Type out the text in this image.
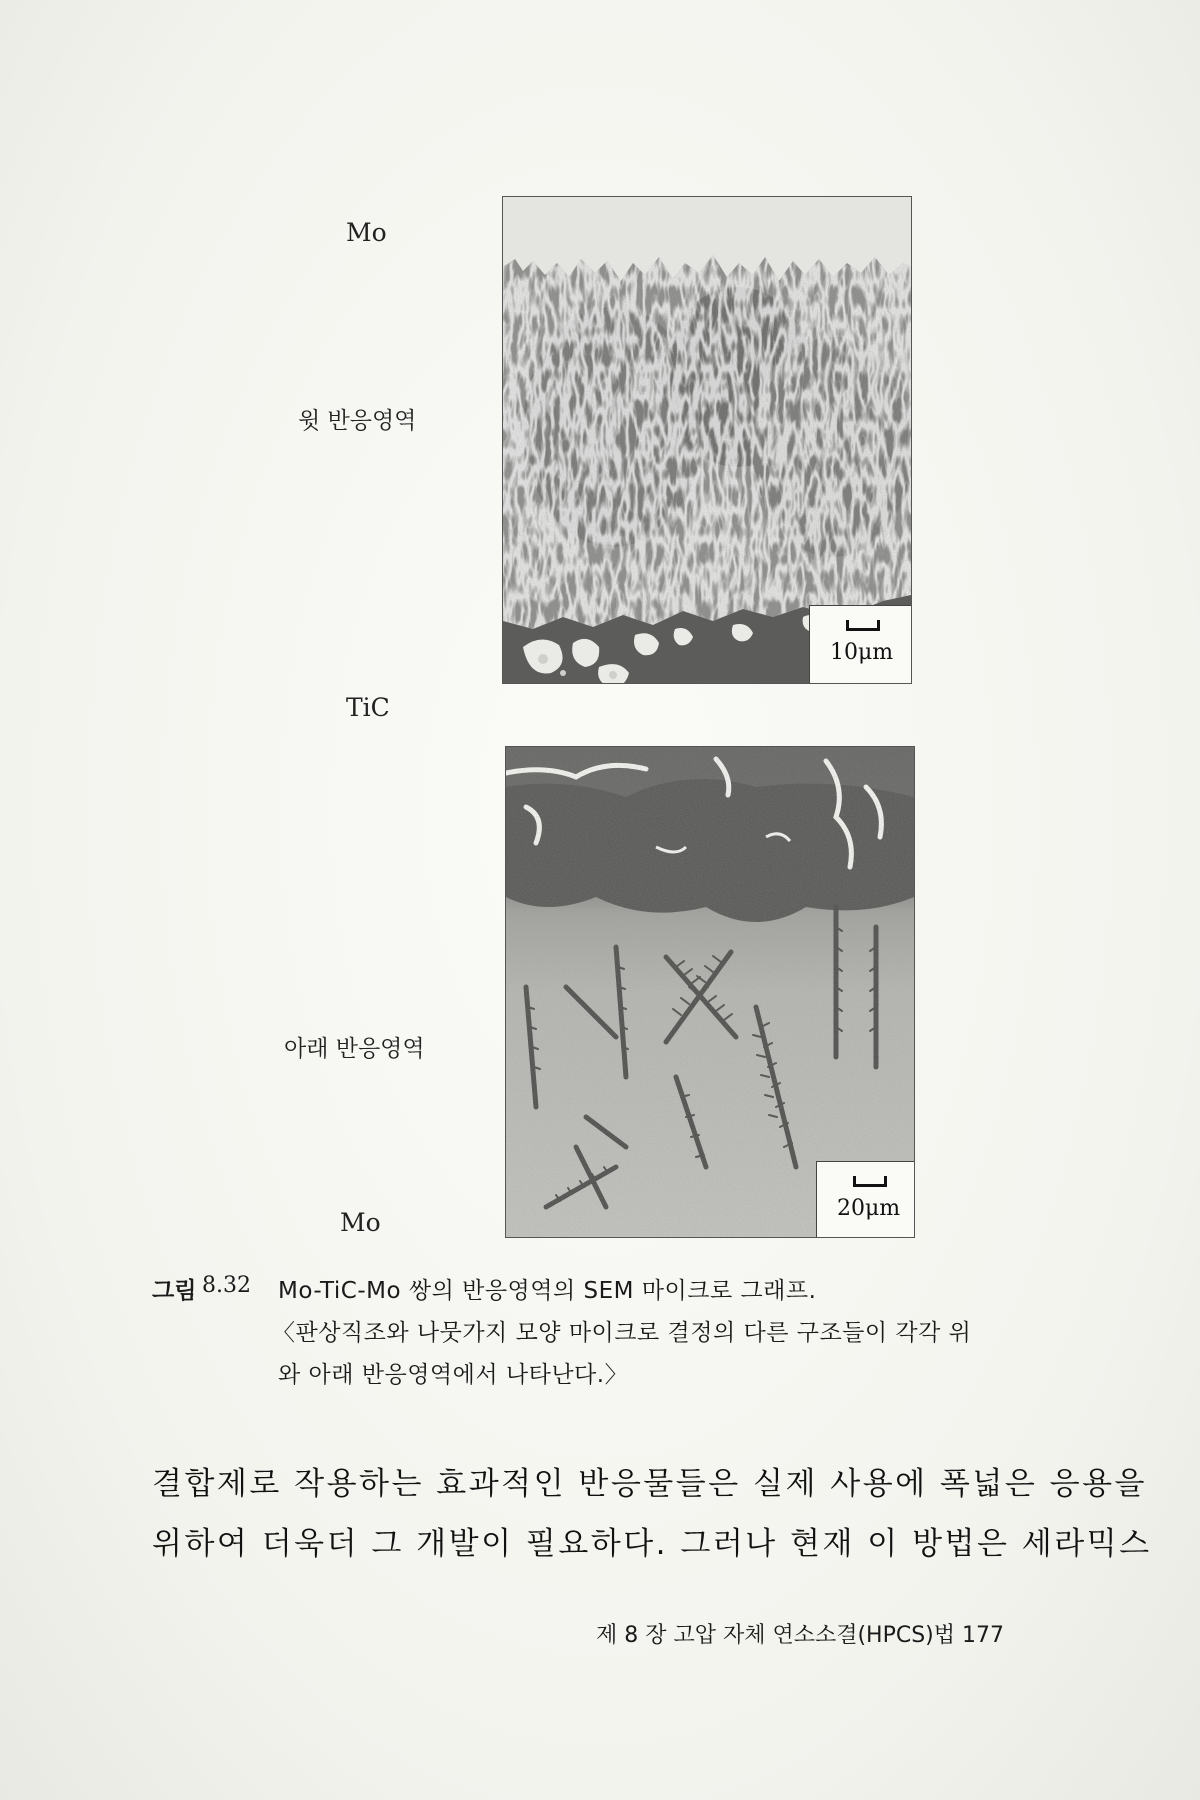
Mo
윗 반응영역
TiC
아래 반응영역
Mo
10μm
20μm
그림 8.32 Mo-TiC-Mo 쌍의 반응영역의 SEM 마이크로 그래프.
〈판상직조와 나뭇가지 모양 마이크로 결정의 다른 구조들이 각각 위
와 아래 반응영역에서 나타난다.〉
결합제로 작용하는 효과적인 반응물들은 실제 사용에 폭넓은 응용을
위하여 더욱더 그 개발이 필요하다. 그러나 현재 이 방법은 세라믹스
제 8 장 고압 자체 연소소결(HPCS)법 177
